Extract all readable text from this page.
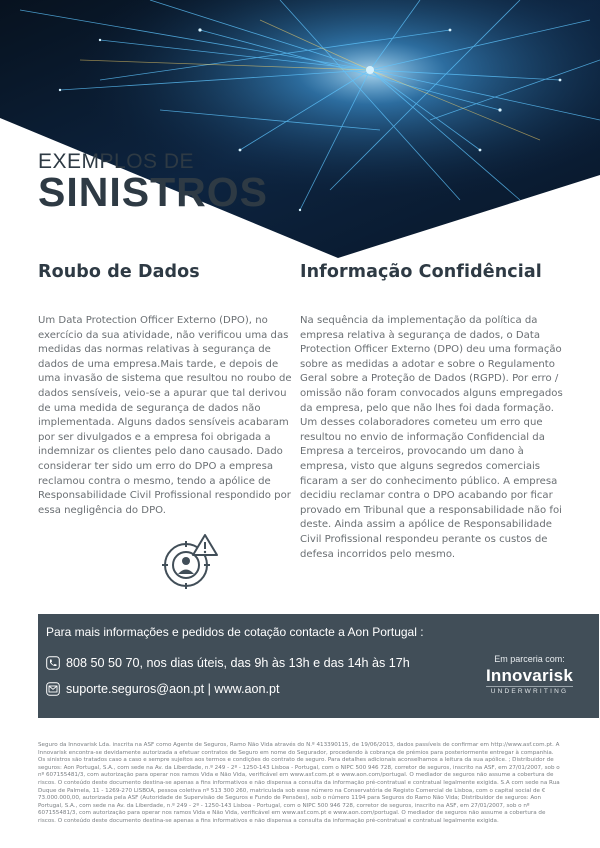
EXEMPLOS DE
SINISTROS
Roubo de Dados

Um Data Protection Officer Externo (DPO), no exercício da sua atividade, não verificou uma das medidas das normas relativas à segurança de dados de uma empresa.Mais tarde, e depois de uma invasão de sistema que resultou no roubo de dados sensíveis, veio-se a apurar que tal derivou de uma medida de segurança de dados não implementada. Alguns dados sensíveis acabaram por ser divulgados e a empresa foi obrigada a indemnizar os clientes pelo dano causado. Dado considerar ter sido um erro do DPO a empresa reclamou contra o mesmo, tendo a apólice de Responsabilidade Civil Profissional respondido por essa negligência do DPO.

Informação Confidêncial

Na sequência da implementação da política da empresa relativa à segurança de dados, o Data Protection Officer Externo (DPO) deu uma formação sobre as medidas a adotar e sobre o Regulamento Geral sobre a Proteção de Dados (RGPD). Por erro / omissão não foram convocados alguns empregados da empresa, pelo que não lhes foi dada formação. Um desses colaboradores cometeu um erro que resultou no envio de informação Confidencial da Empresa a terceiros, provocando um dano à empresa, visto que alguns segredos comerciais ficaram a ser do conhecimento público. A empresa decidiu reclamar contra o DPO acabando por ficar provado em Tribunal que a responsabilidade não foi deste. Ainda assim a apólice de Responsabilidade Civil Profissional respondeu perante os custos de defesa incorridos pelo mesmo.

Para mais informações e pedidos de cotação contacte a Aon Portugal :
808 50 50 70, nos dias úteis, das 9h às 13h e das 14h às 17h
suporte.seguros@aon.pt | www.aon.pt
Em parceria com:
Innovarisk
UNDERWRITING
Seguro da Innovarisk Lda. inscrita na ASF como Agente de Seguros, Ramo Não Vida através do N.º 413390115, de 19/06/2013, dados passíveis de confirmar em http://www.asf.com.pt. A Innovarisk encontra-se devidamente autorizada a efetuar contratos de Seguro em nome do Segurador, procedendo à cobrança de prémios para posteriormente entregar à companhia. Os sinistros são tratados caso a caso e sempre sujeitos aos termos e condições do contrato de seguro. Para detalhes adicionais aconselhamos a leitura da sua apólice. ; Distribuidor de seguros: Aon Portugal, S.A., com sede na Av. da Liberdade, n.º 249 - 2º - 1250-143 Lisboa - Portugal, com o NIPC 500 946 728, corretor de seguros, inscrito na ASF, em 27/01/2007, sob o nº 607155481/3, com autorização para operar nos ramos Vida e Não Vida, verificável em www.asf.com.pt e www.aon.com/portugal. O mediador de seguros não assume a cobertura de riscos. O conteúdo deste documento destina-se apenas a fins informativos e não dispensa a consulta da informação pré-contratual e contratual legalmente exigida. S.A com sede na Rua Duque de Palmela, 11 - 1269-270 LISBOA, pessoa coletiva nº 513 300 260, matriculada sob esse número na Conservatória de Registo Comercial de Lisboa, com o capital social de € 73.000.000,00, autorizada pela ASF (Autoridade de Supervisão de Seguros e Fundo de Pensões), sob o número 1194 para Seguros do Ramo Não Vida; Distribuidor de seguros: Aon Portugal, S.A., com sede na Av. da Liberdade, n.º 249 - 2º - 1250-143 Lisboa - Portugal, com o NIPC 500 946 728, corretor de seguros, inscrito na ASF, em 27/01/2007, sob o nº 607155481/3, com autorização para operar nos ramos Vida e Não Vida, verificável em www.asf.com.pt e www.aon.com/portugal. O mediador de seguros não assume a cobertura de riscos. O conteúdo deste documento destina-se apenas a fins informativos e não dispensa a consulta da informação pré-contratual e contratual legalmente exigida.
